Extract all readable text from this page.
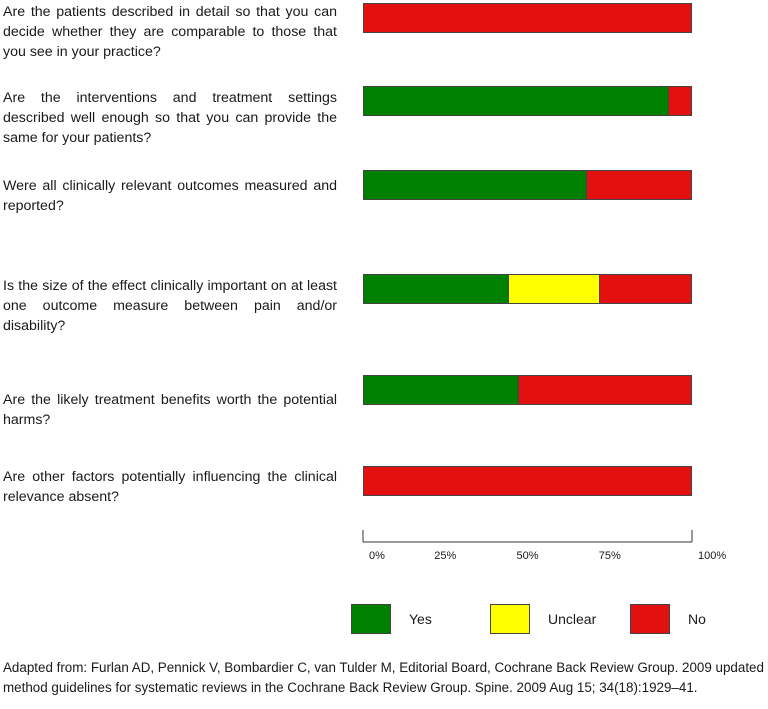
Are the patients described in detail so that you can decide whether they are comparable to those that you see in your practice?
Are the interventions and treatment settings described well enough so that you can provide the same for your patients?
Were all clinically relevant outcomes measured and reported?
Is the size of the effect clinically important on at least one outcome measure between pain and/or disability?
Are the likely treatment benefits worth the potential harms?
Are other factors potentially influencing the clinical relevance absent?
0%	25%	50%	75%	100%
Yes	Unclear	No
Adapted from: Furlan AD, Pennick V, Bombardier C, van Tulder M, Editorial Board, Cochrane Back Review Group. 2009 updated method guidelines for systematic reviews in the Cochrane Back Review Group. Spine. 2009 Aug 15; 34(18):1929–41.
